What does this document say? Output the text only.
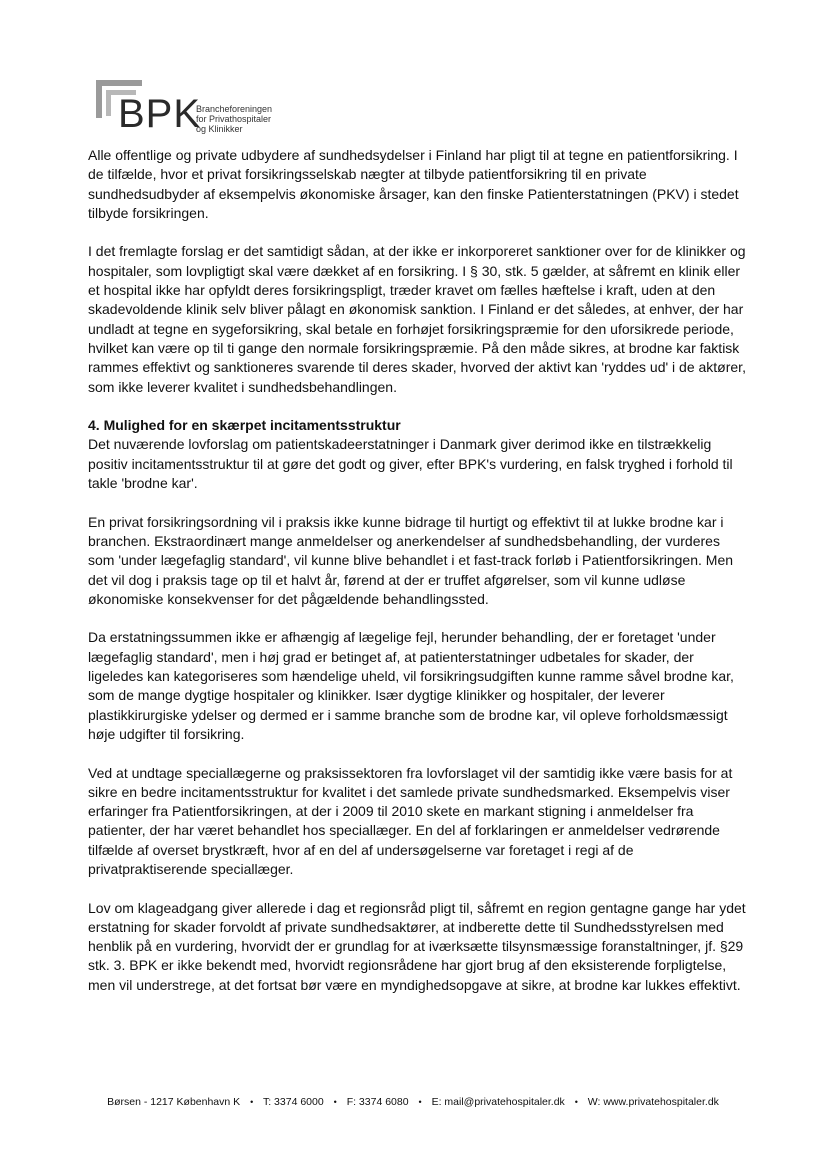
BPK
Brancheforeningen
for Privathospitaler
og Klinikker

Alle offentlige og private udbydere af sundhedsydelser i Finland har pligt til at tegne en patientforsikring. I de tilfælde, hvor et privat forsikringsselskab nægter at tilbyde patientforsikring til en private sundhedsudbyder af eksempelvis økonomiske årsager, kan den finske Patienterstatningen (PKV) i stedet tilbyde forsikringen.

I det fremlagte forslag er det samtidigt sådan, at der ikke er inkorporeret sanktioner over for de klinikker og hospitaler, som lovpligtigt skal være dækket af en forsikring. I § 30, stk. 5 gælder, at såfremt en klinik eller et hospital ikke har opfyldt deres forsikringspligt, træder kravet om fælles hæftelse i kraft, uden at den skadevoldende klinik selv bliver pålagt en økonomisk sanktion. I Finland er det således, at enhver, der har undladt at tegne en sygeforsikring, skal betale en forhøjet forsikringspræmie for den uforsikrede periode, hvilket kan være op til ti gange den normale forsikringspræmie. På den måde sikres, at brodne kar faktisk rammes effektivt og sanktioneres svarende til deres skader, hvorved der aktivt kan 'ryddes ud' i de aktører, som ikke leverer kvalitet i sundhedsbehandlingen.

4. Mulighed for en skærpet incitamentsstruktur

Det nuværende lovforslag om patientskadeerstatninger i Danmark giver derimod ikke en tilstrækkelig positiv incitamentsstruktur til at gøre det godt og giver, efter BPK's vurdering, en falsk tryghed i forhold til takle 'brodne kar'.

En privat forsikringsordning vil i praksis ikke kunne bidrage til hurtigt og effektivt til at lukke brodne kar i branchen. Ekstraordinært mange anmeldelser og anerkendelser af sundhedsbehandling, der vurderes som 'under lægefaglig standard', vil kunne blive behandlet i et fast-track forløb i Patientforsikringen. Men det vil dog i praksis tage op til et halvt år, førend at der er truffet afgørelser, som vil kunne udløse økonomiske konsekvenser for det pågældende behandlingssted.

Da erstatningssummen ikke er afhængig af lægelige fejl, herunder behandling, der er foretaget 'under lægefaglig standard', men i høj grad er betinget af, at patienterstatninger udbetales for skader, der ligeledes kan kategoriseres som hændelige uheld, vil forsikringsudgiften kunne ramme såvel brodne kar, som de mange dygtige hospitaler og klinikker. Især dygtige klinikker og hospitaler, der leverer plastikkirurgiske ydelser og dermed er i samme branche som de brodne kar, vil opleve forholdsmæssigt høje udgifter til forsikring.

Ved at undtage speciallægerne og praksissektoren fra lovforslaget vil der samtidig ikke være basis for at sikre en bedre incitamentsstruktur for kvalitet i det samlede private sundhedsmarked. Eksempelvis viser erfaringer fra Patientforsikringen, at der i 2009 til 2010 skete en markant stigning i anmeldelser fra patienter, der har været behandlet hos speciallæger. En del af forklaringen er anmeldelser vedrørende tilfælde af overset brystkræft, hvor af en del af undersøgelserne var foretaget i regi af de privatpraktiserende speciallæger.

Lov om klageadgang giver allerede i dag et regionsråd pligt til, såfremt en region gentagne gange har ydet erstatning for skader forvoldt af private sundhedsaktører, at indberette dette til Sundhedsstyrelsen med henblik på en vurdering, hvorvidt der er grundlag for at iværksætte tilsynsmæssige foranstaltninger, jf. §29 stk. 3. BPK er ikke bekendt med, hvorvidt regionsrådene har gjort brug af den eksisterende forpligtelse, men vil understrege, at det fortsat bør være en myndighedsopgave at sikre, at brodne kar lukkes effektivt.

Børsen - 1217 København K • T: 3374 6000 • F: 3374 6080 • E: mail@privatehospitaler.dk • W: www.privatehospitaler.dk
